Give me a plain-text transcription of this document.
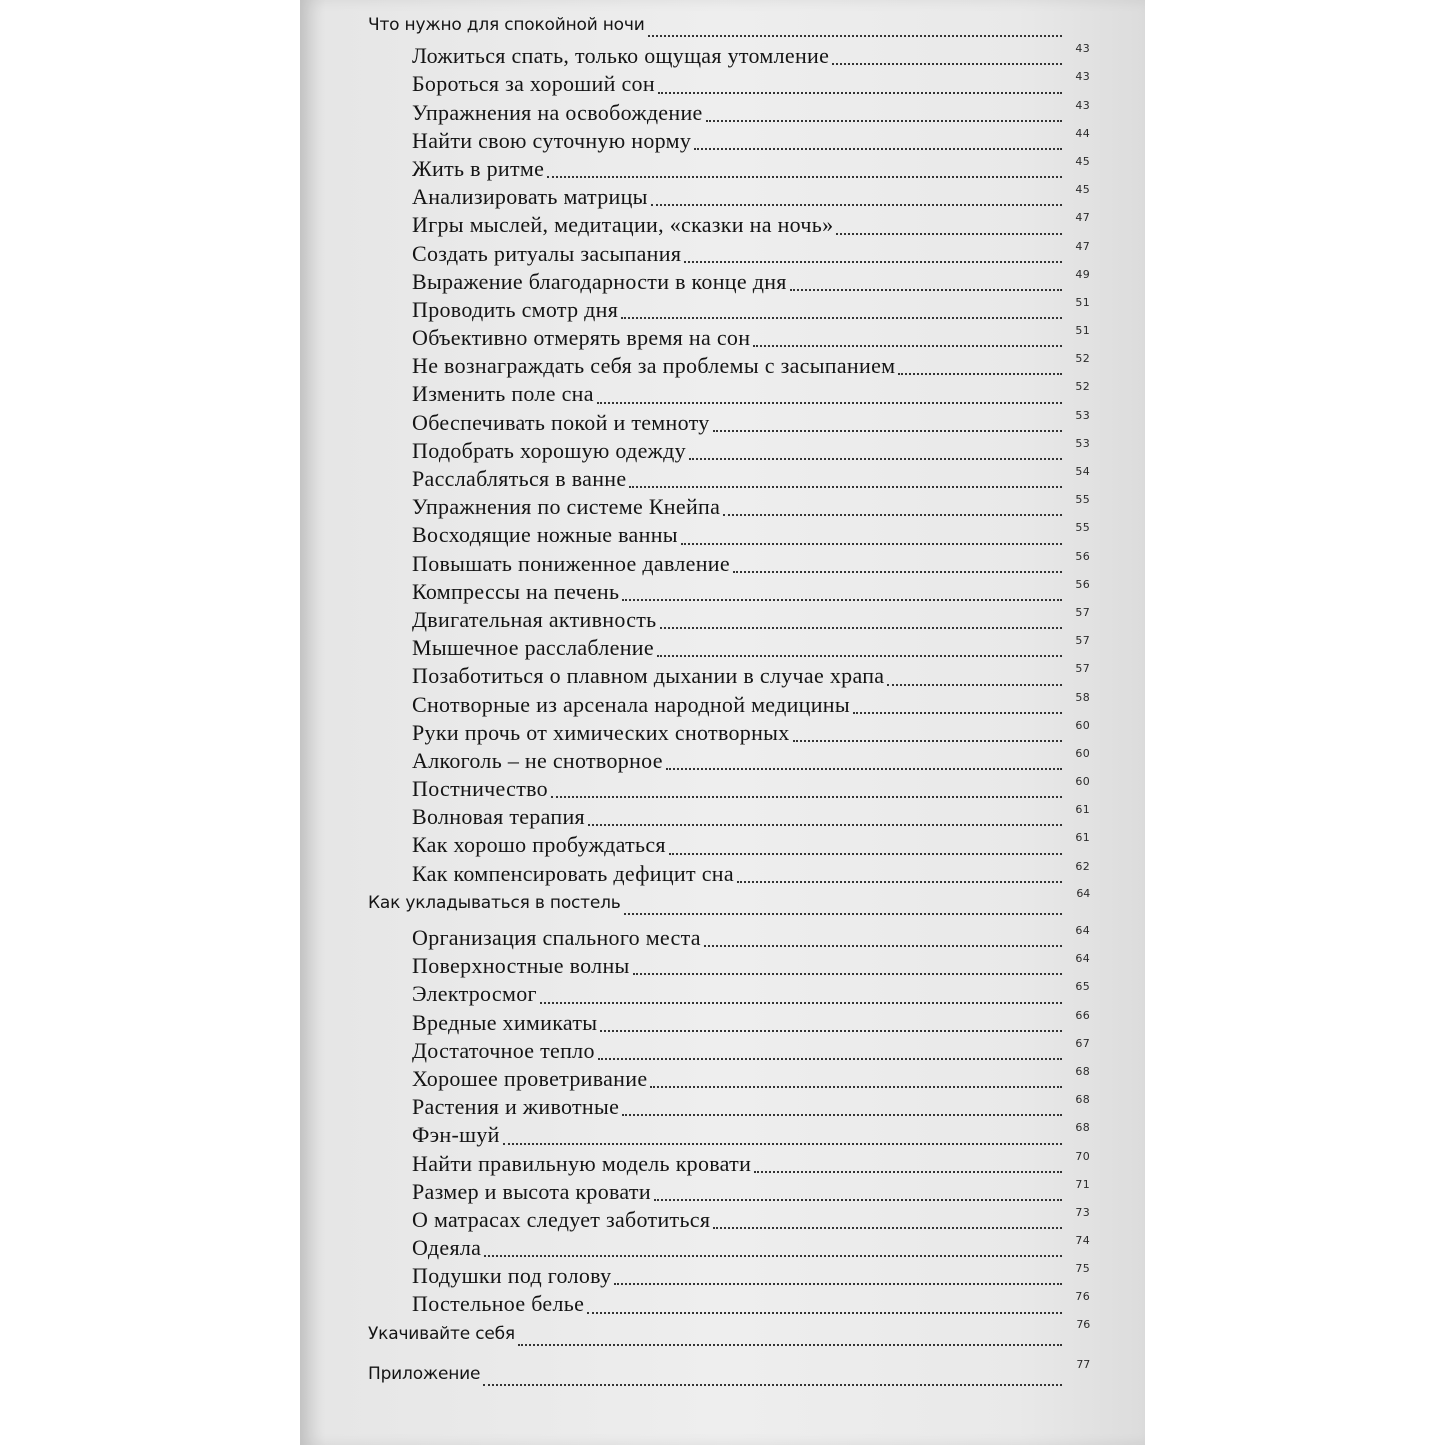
Что нужно для спокойной ночи
Ложиться спать, только ощущая утомление	43
Бороться за хороший сон	43
Упражнения на освобождение	43
Найти свою суточную норму	44
Жить в ритме	45
Анализировать матрицы	45
Игры мыслей, медитации, «сказки на ночь»	47
Создать ритуалы засыпания	47
Выражение благодарности в конце дня	49
Проводить смотр дня	51
Объективно отмерять время на сон	51
Не вознаграждать себя за проблемы с засыпанием	52
Изменить поле сна	52
Обеспечивать покой и темноту	53
Подобрать хорошую одежду	53
Расслабляться в ванне	54
Упражнения по системе Кнейпа	55
Восходящие ножные ванны	55
Повышать пониженное давление	56
Компрессы на печень	56
Двигательная активность	57
Мышечное расслабление	57
Позаботиться о плавном дыхании в случае храпа	57
Снотворные из арсенала народной медицины	58
Руки прочь от химических снотворных	60
Алкоголь – не снотворное	60
Постничество	60
Волновая терапия	61
Как хорошо пробуждаться	61
Как компенсировать дефицит сна	62
Как укладываться в постель	64
Организация спального места	64
Поверхностные волны	64
Электросмог	65
Вредные химикаты	66
Достаточное тепло	67
Хорошее проветривание	68
Растения и животные	68
Фэн-шуй	68
Найти правильную модель кровати	70
Размер и высота кровати	71
О матрасах следует заботиться	73
Одеяла	74
Подушки под голову	75
Постельное белье	76
Укачивайте себя	76
Приложение	77
